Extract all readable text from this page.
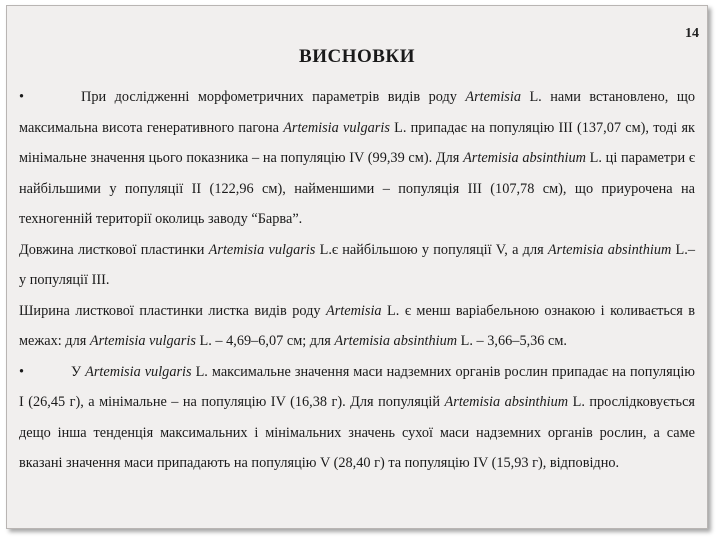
14
ВИСНОВКИ

•	При дослідженні морфометричних параметрів видів роду Artemisia L. нами встановлено, що максимальна висота генеративного пагона Artemisia vulgaris L. припадає на популяцію III (137,07 см), тоді як мінімальне значення цього показника – на популяцію IV (99,39 см). Для Artemisia absinthium L. ці параметри є найбільшими у популяції II (122,96 см), найменшими – популяція III (107,78 см), що приурочена на техногенній території околиць заводу “Барва”.

Довжина листкової пластинки Artemisia vulgaris L.є найбільшою у популяції V, а для Artemisia absinthium L.– у популяції III.

Ширина листкової пластинки листка видів роду Artemisia L. є менш варіабельною ознакою і коливається в межах: для Artemisia vulgaris L. – 4,69–6,07 см; для Artemisia absinthium L. – 3,66–5,36 см.

•	У Artemisia vulgaris L. максимальне значення маси надземних органів рослин припадає на популяцію I (26,45 г), а мінімальне – на популяцію IV (16,38 г). Для популяцій Artemisia absinthium L. прослідковується дещо інша тенденція максимальних і мінімальних значень сухої маси надземних органів рослин, а саме вказані значення маси припадають на популяцію V (28,40 г) та популяцію IV (15,93 г), відповідно.
